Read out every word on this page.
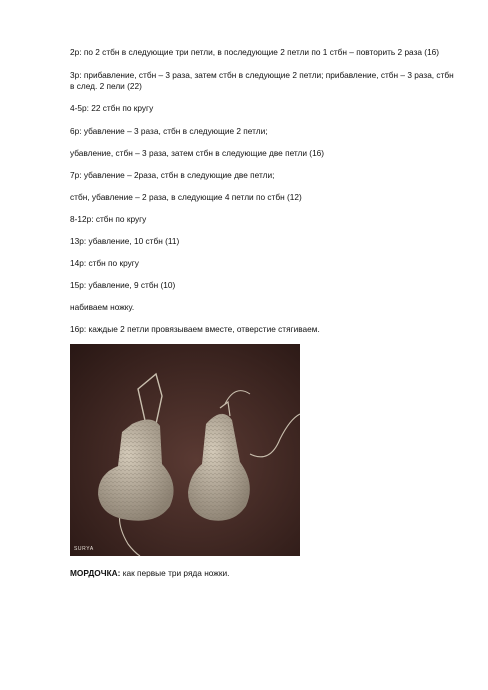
2р: по 2 стбн в следующие три петли, в последующие 2 петли по 1 стбн – повторить 2 раза (16)

3р: прибавление, стбн – 3 раза, затем стбн в следующие 2 петли; прибавление, стбн – 3 раза, стбн в след. 2 пели (22)

4-5р: 22 стбн по кругу

6р: убавление – 3 раза, стбн в следующие 2 петли;

убавление, стбн – 3 раза, затем стбн в следующие две петли (16)

7р: убавление – 2раза, стбн в следующие две петли;

стбн, убавление – 2 раза, в следующие 4 петли по стбн (12)

8-12р: стбн по кругу

13р: убавление, 10 стбн (11)

14р: стбн по кругу

15р: убавление, 9 стбн (10)

набиваем ножку.

16р: каждые 2 петли провязываем вместе, отверстие стягиваем.

МОРДОЧКА: как первые три ряда ножки.

SURYA
